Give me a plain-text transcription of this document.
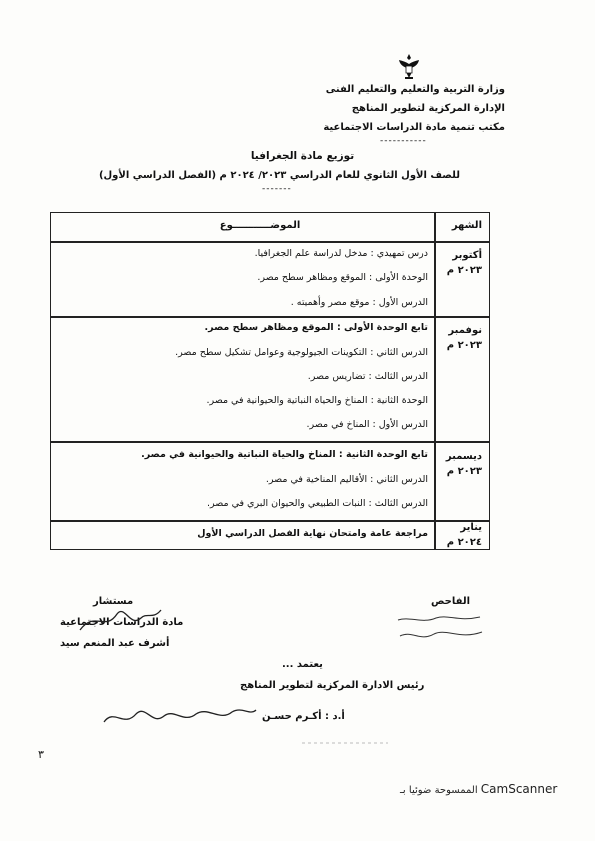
وزارة التربية والتعليم والتعليم الفنى
الإدارة المركزية لتطوير المناهج
مكتب تنمية مادة الدراسات الاجتماعية
-----------
توزيع مادة الجغرافيا
للصف الأول الثانوي للعام الدراسي ٢٠٢٣/ ٢٠٢٤ م (الفصل الدراسي الأول)
-------
الشهر
الموضـــــــــــوع
أكتوبر
٢٠٢٣ م
درس تمهيدي : مدخل لدراسة علم الجغرافيا.
الوحدة الأولى : الموقع ومظاهر سطح مصر.
الدرس الأول : موقع مصر وأهميته .
نوفمبر
٢٠٢٣ م
تابع الوحدة الأولى : الموقع ومظاهر سطح مصر.
الدرس الثاني : التكوينات الجيولوجية وعوامل تشكيل سطح مصر.
الدرس الثالث : تضاريس مصر.
الوحدة الثانية : المناخ والحياة النباتية والحيوانية في مصر.
الدرس الأول : المناخ في مصر.
ديسمبر
٢٠٢٣ م
تابع الوحدة الثانية : المناخ والحياة النباتية والحيوانية في مصر.
الدرس الثاني : الأقاليم المناخية في مصر.
الدرس الثالث : النبات الطبيعي والحيوان البري في مصر.
يناير
٢٠٢٤ م
مراجعة عامة وامتحان نهاية الفصل الدراسي الأول
مستشار
مادة الدراسات الاجتماعية
أشرف عبد المنعم سيد
الفاحص
يعتمد ...
رئيس الادارة المركزية لتطوير المناهج
أ.د : أكـرم حسـن
٣
الممسوحة ضوئيا بـ CamScanner
